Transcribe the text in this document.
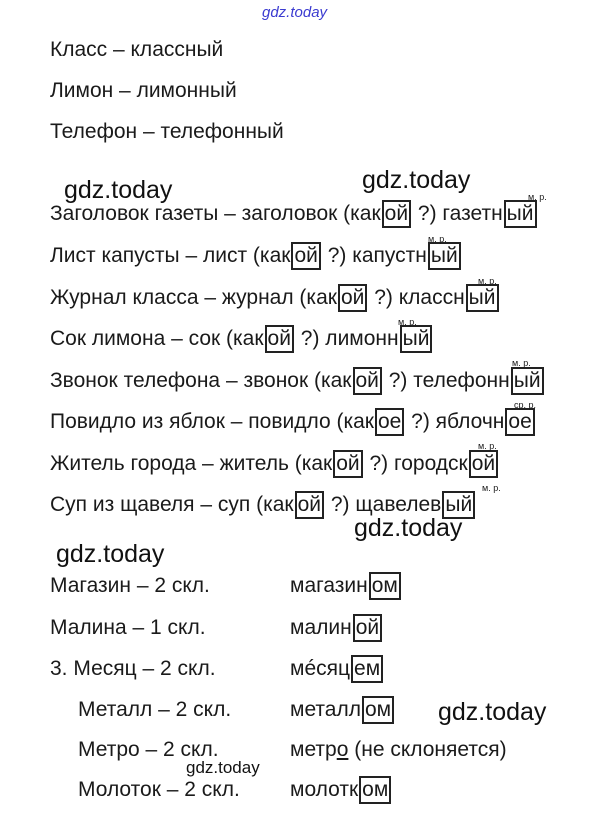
gdz.today
gdz.today	gdz.today
gdz.today
gdz.today
gdz.today
gdz.today
Класс – классный
Лимон – лимонный
Телефон – телефонный
Заголовок газеты – заголовок (как ой ?) газетн ый
м. р.
Лист капусты – лист (как ой ?) капустн ый
м. р.
Журнал класса – журнал (как ой ?) классн ый
м. р.
Сок лимона – сок (как ой ?) лимонн ый
м. р.
Звонок телефона – звонок (как ой ?) телефонн ый
м. р.
Повидло из яблок – повидло (как ое ?) яблочн ое
ср. р.
Житель города – житель (как ой ?) городск ой
м. р.
Суп из щавеля – суп (как ой ?) щавелев ый
м. р.
Магазин – 2 скл.	магазин ом
Малина – 1 скл.	малин ой
3. Месяц – 2 скл.	мéсяц ем
Металл – 2 скл.	металл ом
Метро – 2 скл.	метро (не склоняется)
Молоток – 2 скл. молотк ом
